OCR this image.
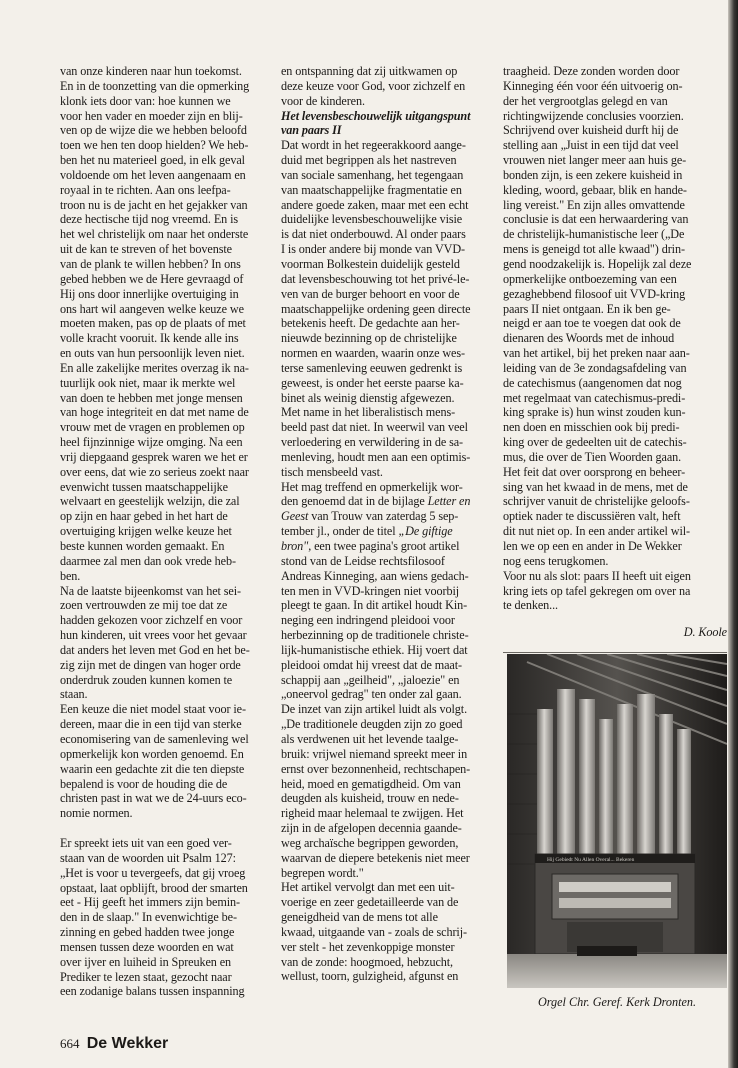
van onze kinderen naar hun toekomst.
En in de toonzetting van die opmerking
klonk iets door van: hoe kunnen we
voor hen vader en moeder zijn en blij-
ven op de wijze die we hebben beloofd
toen we hen ten doop hielden? We heb-
ben het nu materieel goed, in elk geval
voldoende om het leven aangenaam en
royaal in te richten. Aan ons leefpa-
troon nu is de jacht en het gejakker van
deze hectische tijd nog vreemd. En is
het wel christelijk om naar het onderste
uit de kan te streven of het bovenste
van de plank te willen hebben? In ons
gebed hebben we de Here gevraagd of
Hij ons door innerlijke overtuiging in
ons hart wil aangeven welke keuze we
moeten maken, pas op de plaats of met
volle kracht vooruit. Ik kende alle ins
en outs van hun persoonlijk leven niet.
En alle zakelijke merites overzag ik na-
tuurlijk ook niet, maar ik merkte wel
van doen te hebben met jonge mensen
van hoge integriteit en dat met name de
vrouw met de vragen en problemen op
heel fijnzinnige wijze omging. Na een
vrij diepgaand gesprek waren we het er
over eens, dat wie zo serieus zoekt naar
evenwicht tussen maatschappelijke
welvaart en geestelijk welzijn, die zal
op zijn en haar gebed in het hart de
overtuiging krijgen welke keuze het
beste kunnen worden gemaakt. En
daarmee zal men dan ook vrede heb-
ben.

Na de laatste bijeenkomst van het sei-
zoen vertrouwden ze mij toe dat ze
hadden gekozen voor zichzelf en voor
hun kinderen, uit vrees voor het gevaar
dat anders het leven met God en het be-
zig zijn met de dingen van hoger orde
onderdruk zouden kunnen komen te
staan.

Een keuze die niet model staat voor ie-
dereen, maar die in een tijd van sterke
economisering van de samenleving wel
opmerkelijk kon worden genoemd. En
waarin een gedachte zit die ten diepste
bepalend is voor de houding die de
christen past in wat we de 24-uurs eco-
nomie normen.

Er spreekt iets uit van een goed ver-
staan van de woorden uit Psalm 127:
„Het is voor u tevergeefs, dat gij vroeg
opstaat, laat opblijft, brood der smarten
eet - Hij geeft het immers zijn bemin-
den in de slaap." In evenwichtige be-
zinning en gebed hadden twee jonge
mensen tussen deze woorden en wat
over ijver en luiheid in Spreuken en
Prediker te lezen staat, gezocht naar
een zodanige balans tussen inspanning

en ontspanning dat zij uitkwamen op
deze keuze voor God, voor zichzelf en
voor de kinderen.

Het levensbeschouwelijk uitgangspunt
van paars II

Dat wordt in het regeerakkoord aange-
duid met begrippen als het nastreven
van sociale samenhang, het tegengaan
van maatschappelijke fragmentatie en
andere goede zaken, maar met een echt
duidelijke levensbeschouwelijke visie
is dat niet onderbouwd. Al onder paars
I is onder andere bij monde van VVD-
voorman Bolkestein duidelijk gesteld
dat levensbeschouwing tot het privé-le-
ven van de burger behoort en voor de
maatschappelijke ordening geen directe
betekenis heeft. De gedachte aan her-
nieuwde bezinning op de christelijke
normen en waarden, waarin onze wes-
terse samenleving eeuwen gedrenkt is
geweest, is onder het eerste paarse ka-
binet als weinig dienstig afgewezen.
Met name in het liberalistisch mens-
beeld past dat niet. In weerwil van veel
verloedering en verwildering in de sa-
menleving, houdt men aan een optimis-
tisch mensbeeld vast.

Het mag treffend en opmerkelijk wor-
den genoemd dat in de bijlage Letter en
Geest van Trouw van zaterdag 5 sep-
tember jl., onder de titel „De giftige
bron", een twee pagina's groot artikel
stond van de Leidse rechtsfilosoof
Andreas Kinneging, aan wiens gedach-
ten men in VVD-kringen niet voorbij
pleegt te gaan. In dit artikel houdt Kin-
neging een indringend pleidooi voor
herbezinning op de traditionele christe-
lijk-humanistische ethiek. Hij voert dat
pleidooi omdat hij vreest dat de maat-
schappij aan „geilheid", „jaloezie" en
„oneervol gedrag" ten onder zal gaan.
De inzet van zijn artikel luidt als volgt.
„De traditionele deugden zijn zo goed
als verdwenen uit het levende taalge-
bruik: vrijwel niemand spreekt meer in
ernst over bezonnenheid, rechtschapen-
heid, moed en gematigdheid. Om van
deugden als kuisheid, trouw en nede-
righeid maar helemaal te zwijgen. Het
zijn in de afgelopen decennia gaande-
weg archaïsche begrippen geworden,
waarvan de diepere betekenis niet meer
begrepen wordt."

Het artikel vervolgt dan met een uit-
voerige en zeer gedetailleerde van de
geneigdheid van de mens tot alle
kwaad, uitgaande van - zoals de schrij-
ver stelt - het zevenkoppige monster
van de zonde: hoogmoed, hebzucht,
wellust, toorn, gulzigheid, afgunst en

traagheid. Deze zonden worden door
Kinneging één voor één uitvoerig on-
der het vergrootglas gelegd en van
richtingwijzende conclusies voorzien.
Schrijvend over kuisheid durft hij de
stelling aan „Juist in een tijd dat veel
vrouwen niet langer meer aan huis ge-
bonden zijn, is een zekere kuisheid in
kleding, woord, gebaar, blik en hande-
ling vereist." En zijn alles omvattende
conclusie is dat een herwaardering van
de christelijk-humanistische leer („De
mens is geneigd tot alle kwaad") drin-
gend noodzakelijk is. Hopelijk zal deze
opmerkelijke ontboezeming van een
gezaghebbend filosoof uit VVD-kring
paars II niet ontgaan. En ik ben ge-
neigd er aan toe te voegen dat ook de
dienaren des Woords met de inhoud
van het artikel, bij het preken naar aan-
leiding van de 3e zondagsafdeling van
de catechismus (aangenomen dat nog
met regelmaat van catechismus-predi-
king sprake is) hun winst zouden kun-
nen doen en misschien ook bij predi-
king over de gedeelten uit de catechis-
mus, die over de Tien Woorden gaan.
Het feit dat over oorsprong en beheer-
sing van het kwaad in de mens, met de
schrijver vanuit de christelijke geloofs-
optiek nader te discussiëren valt, heft
dit nut niet op. In een ander artikel wil-
len we op een en ander in De Wekker
nog eens terugkomen.

Voor nu als slot: paars II heeft uit eigen
kring iets op tafel gekregen om over na
te denken...

D. Koole

Hij Gebiedt Nu Allen Overal... Bekeren
Orgel Chr. Geref. Kerk Dronten.
664 De Wekker
